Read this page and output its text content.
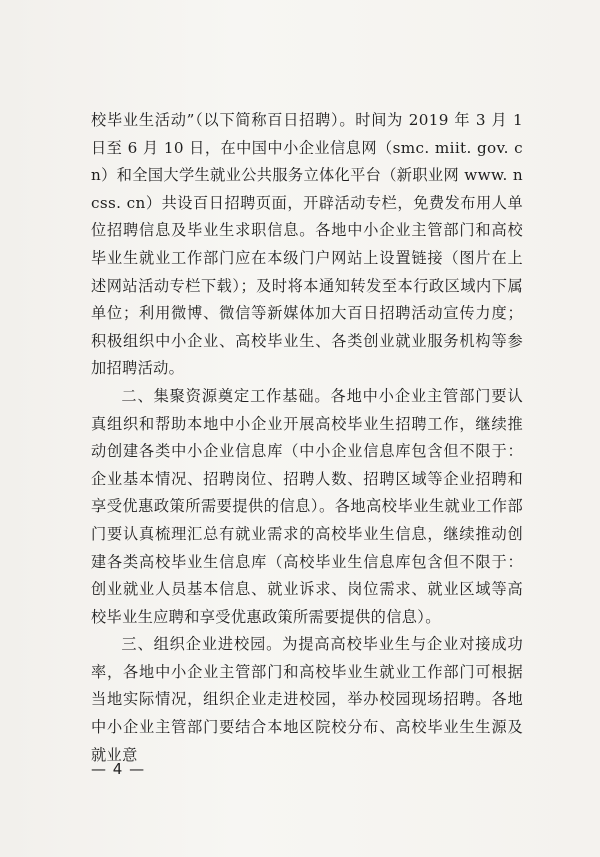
校毕业生活动”（以下简称百日招聘）。时间为 2019 年 3 月 1 日至 6 月 10 日，在中国中小企业信息网（smc. miit. gov. cn）和全国大学生就业公共服务立体化平台（新职业网 www. ncss. cn）共设百日招聘页面，开辟活动专栏，免费发布用人单位招聘信息及毕业生求职信息。各地中小企业主管部门和高校毕业生就业工作部门应在本级门户网站上设置链接（图片在上述网站活动专栏下载）；及时将本通知转发至本行政区域内下属单位；利用微博、微信等新媒体加大百日招聘活动宣传力度；积极组织中小企业、高校毕业生、各类创业就业服务机构等参加招聘活动。

二、集聚资源奠定工作基础。各地中小企业主管部门要认真组织和帮助本地中小企业开展高校毕业生招聘工作，继续推动创建各类中小企业信息库（中小企业信息库包含但不限于：企业基本情况、招聘岗位、招聘人数、招聘区域等企业招聘和享受优惠政策所需要提供的信息）。各地高校毕业生就业工作部门要认真梳理汇总有就业需求的高校毕业生信息，继续推动创建各类高校毕业生信息库（高校毕业生信息库包含但不限于：创业就业人员基本信息、就业诉求、岗位需求、就业区域等高校毕业生应聘和享受优惠政策所需要提供的信息）。

三、组织企业进校园。为提高高校毕业生与企业对接成功率，各地中小企业主管部门和高校毕业生就业工作部门可根据当地实际情况，组织企业走进校园，举办校园现场招聘。各地中小企业主管部门要结合本地区院校分布、高校毕业生生源及就业意

— 4 —
